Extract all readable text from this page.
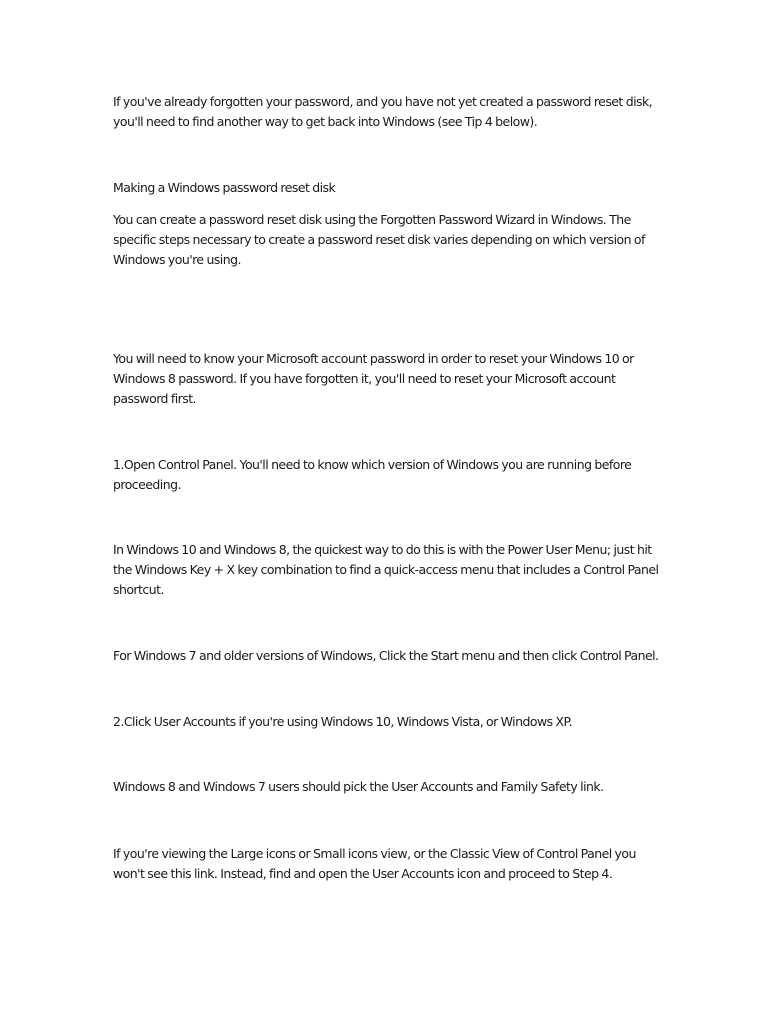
If you've already forgotten your password, and you have not yet created a password reset disk,
you'll need to find another way to get back into Windows (see Tip 4 below).

Making a Windows password reset disk

You can create a password reset disk using the Forgotten Password Wizard in Windows. The
specific steps necessary to create a password reset disk varies depending on which version of
Windows you're using.

You will need to know your Microsoft account password in order to reset your Windows 10 or
Windows 8 password. If you have forgotten it, you'll need to reset your Microsoft account
password first.

1.Open Control Panel. You'll need to know which version of Windows you are running before
proceeding.

In Windows 10 and Windows 8, the quickest way to do this is with the Power User Menu; just hit
the Windows Key + X key combination to find a quick-access menu that includes a Control Panel
shortcut.

For Windows 7 and older versions of Windows, Click the Start menu and then click Control Panel.

2.Click User Accounts if you're using Windows 10, Windows Vista, or Windows XP.

Windows 8 and Windows 7 users should pick the User Accounts and Family Safety link.

If you're viewing the Large icons or Small icons view, or the Classic View of Control Panel you
won't see this link. Instead, find and open the User Accounts icon and proceed to Step 4.
